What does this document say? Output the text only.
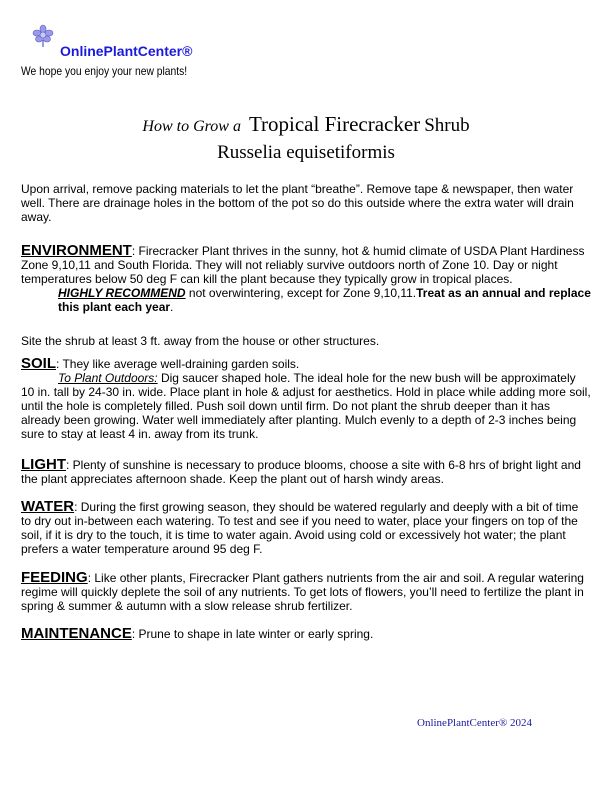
OnlinePlantCenter®
We hope you enjoy your new plants!
How to Grow a Tropical Firecracker Shrub
Russelia equisetiformis
Upon arrival, remove packing materials to let the plant “breathe”. Remove tape & newspaper, then water well. There are drainage holes in the bottom of the pot so do this outside where the extra water will drain away.
ENVIRONMENT: Firecracker Plant thrives in the sunny, hot & humid climate of USDA Plant Hardiness Zone 9,10,11 and South Florida. They will not reliably survive outdoors north of Zone 10. Day or night temperatures below 50 deg F can kill the plant because they typically grow in tropical places.
HIGHLY RECOMMEND not overwintering, except for Zone 9,10,11.Treat as an annual and replace this plant each year.
Site the shrub at least 3 ft. away from the house or other structures.
SOIL: They like average well-draining garden soils.
To Plant Outdoors: Dig saucer shaped hole. The ideal hole for the new bush will be approximately 10 in. tall by 24-30 in. wide. Place plant in hole & adjust for aesthetics. Hold in place while adding more soil, until the hole is completely filled. Push soil down until firm. Do not plant the shrub deeper than it has already been growing. Water well immediately after planting. Mulch evenly to a depth of 2-3 inches being sure to stay at least 4 in. away from its trunk.
LIGHT: Plenty of sunshine is necessary to produce blooms, choose a site with 6-8 hrs of bright light and the plant appreciates afternoon shade. Keep the plant out of harsh windy areas.
WATER: During the first growing season, they should be watered regularly and deeply with a bit of time to dry out in-between each watering. To test and see if you need to water, place your fingers on top of the soil, if it is dry to the touch, it is time to water again. Avoid using cold or excessively hot water; the plant prefers a water temperature around 95 deg F.
FEEDING: Like other plants, Firecracker Plant gathers nutrients from the air and soil. A regular watering regime will quickly deplete the soil of any nutrients. To get lots of flowers, you’ll need to fertilize the plant in spring & summer & autumn with a slow release shrub fertilizer.
MAINTENANCE: Prune to shape in late winter or early spring.
OnlinePlantCenter® 2024
